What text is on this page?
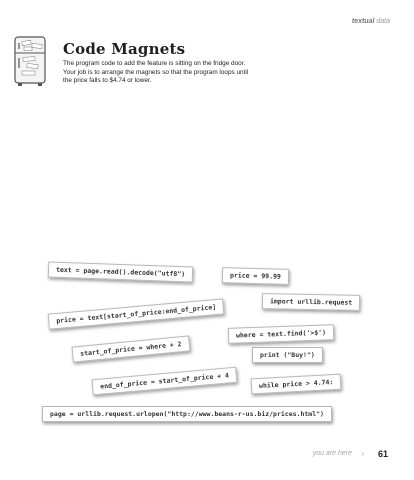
textual data
Code Magnets
The program code to add the feature is sitting on the fridge door.
Your job is to arrange the magnets so that the program loops until
the price falls to $4.74 or lower.
text = page.read().decode("utf8")	price = 99.99
import urllib.request
price = text[start_of_price:end_of_price]
where = text.find('>$')
start_of_price = where + 2	print ("Buy!")
end_of_price = start_of_price + 4	while price > 4.74:
page = urllib.request.urlopen("http://www.beans-r-us.biz/prices.html")
you are here › 61
